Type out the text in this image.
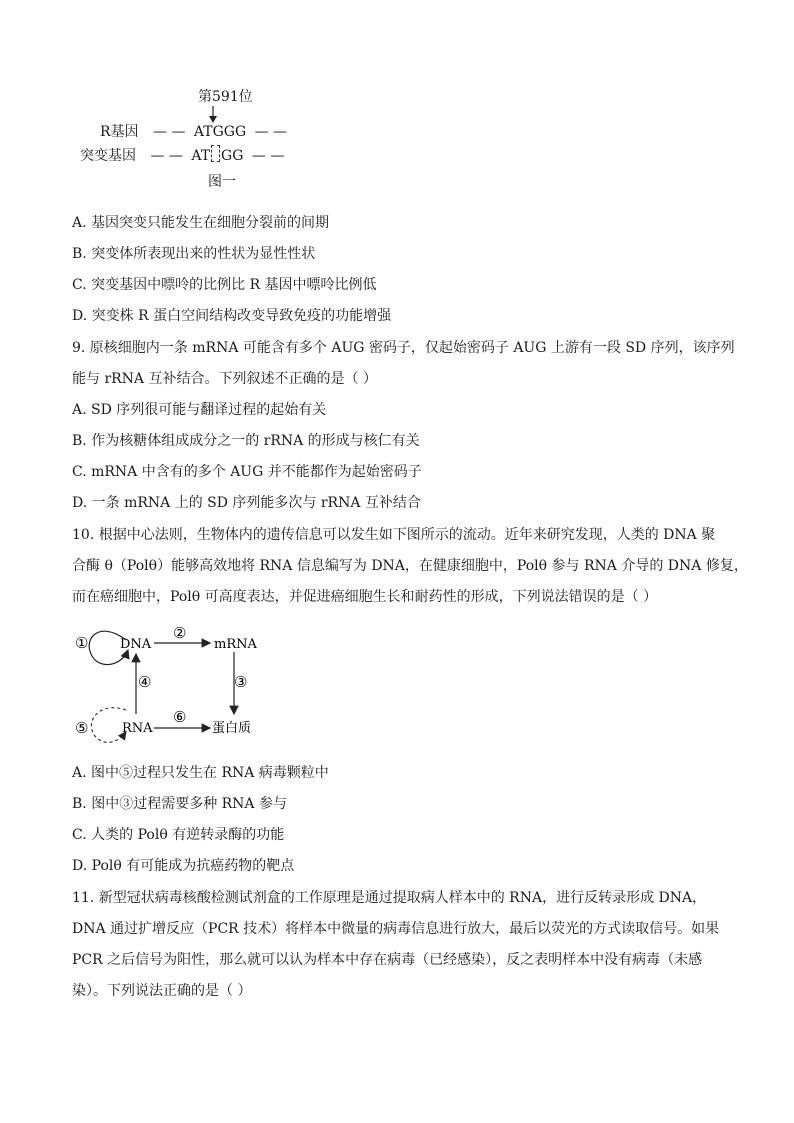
第591位
R基因 — — ATGGG — —
突变基因 — — AT GG — —
图一
A. 基因突变只能发生在细胞分裂前的间期
B. 突变体所表现出来的性状为显性性状
C. 突变基因中嘌呤的比例比 R 基因中嘌呤比例低
D. 突变株 R 蛋白空间结构改变导致免疫的功能增强
9. 原核细胞内一条 mRNA 可能含有多个 AUG 密码子，仅起始密码子 AUG 上游有一段 SD 序列，该序列
能与 rRNA 互补结合。下列叙述不正确的是（ ）
A. SD 序列很可能与翻译过程的起始有关
B. 作为核糖体组成成分之一的 rRNA 的形成与核仁有关
C. mRNA 中含有的多个 AUG 并不能都作为起始密码子
D. 一条 mRNA 上的 SD 序列能多次与 rRNA 互补结合
10. 根据中心法则，生物体内的遗传信息可以发生如下图所示的流动。近年来研究发现，人类的 DNA 聚
合酶 θ（Polθ）能够高效地将 RNA 信息编写为 DNA，在健康细胞中，Polθ 参与 RNA 介导的 DNA 修复，
而在癌细胞中，Polθ 可高度表达，并促进癌细胞生长和耐药性的形成，下列说法错误的是（ ）
① DNA
②
mRNA
③
蛋白质
④
⑤	RNA
⑥
A. 图中⑤过程只发生在 RNA 病毒颗粒中
B. 图中③过程需要多种 RNA 参与
C. 人类的 Polθ 有逆转录酶的功能
D. Polθ 有可能成为抗癌药物的靶点
11. 新型冠状病毒核酸检测试剂盒的工作原理是通过提取病人样本中的 RNA，进行反转录形成 DNA，
DNA 通过扩增反应（PCR 技术）将样本中微量的病毒信息进行放大，最后以荧光的方式读取信号。如果
PCR 之后信号为阳性，那么就可以认为样本中存在病毒（已经感染），反之表明样本中没有病毒（未感
染）。下列说法正确的是（ ）
